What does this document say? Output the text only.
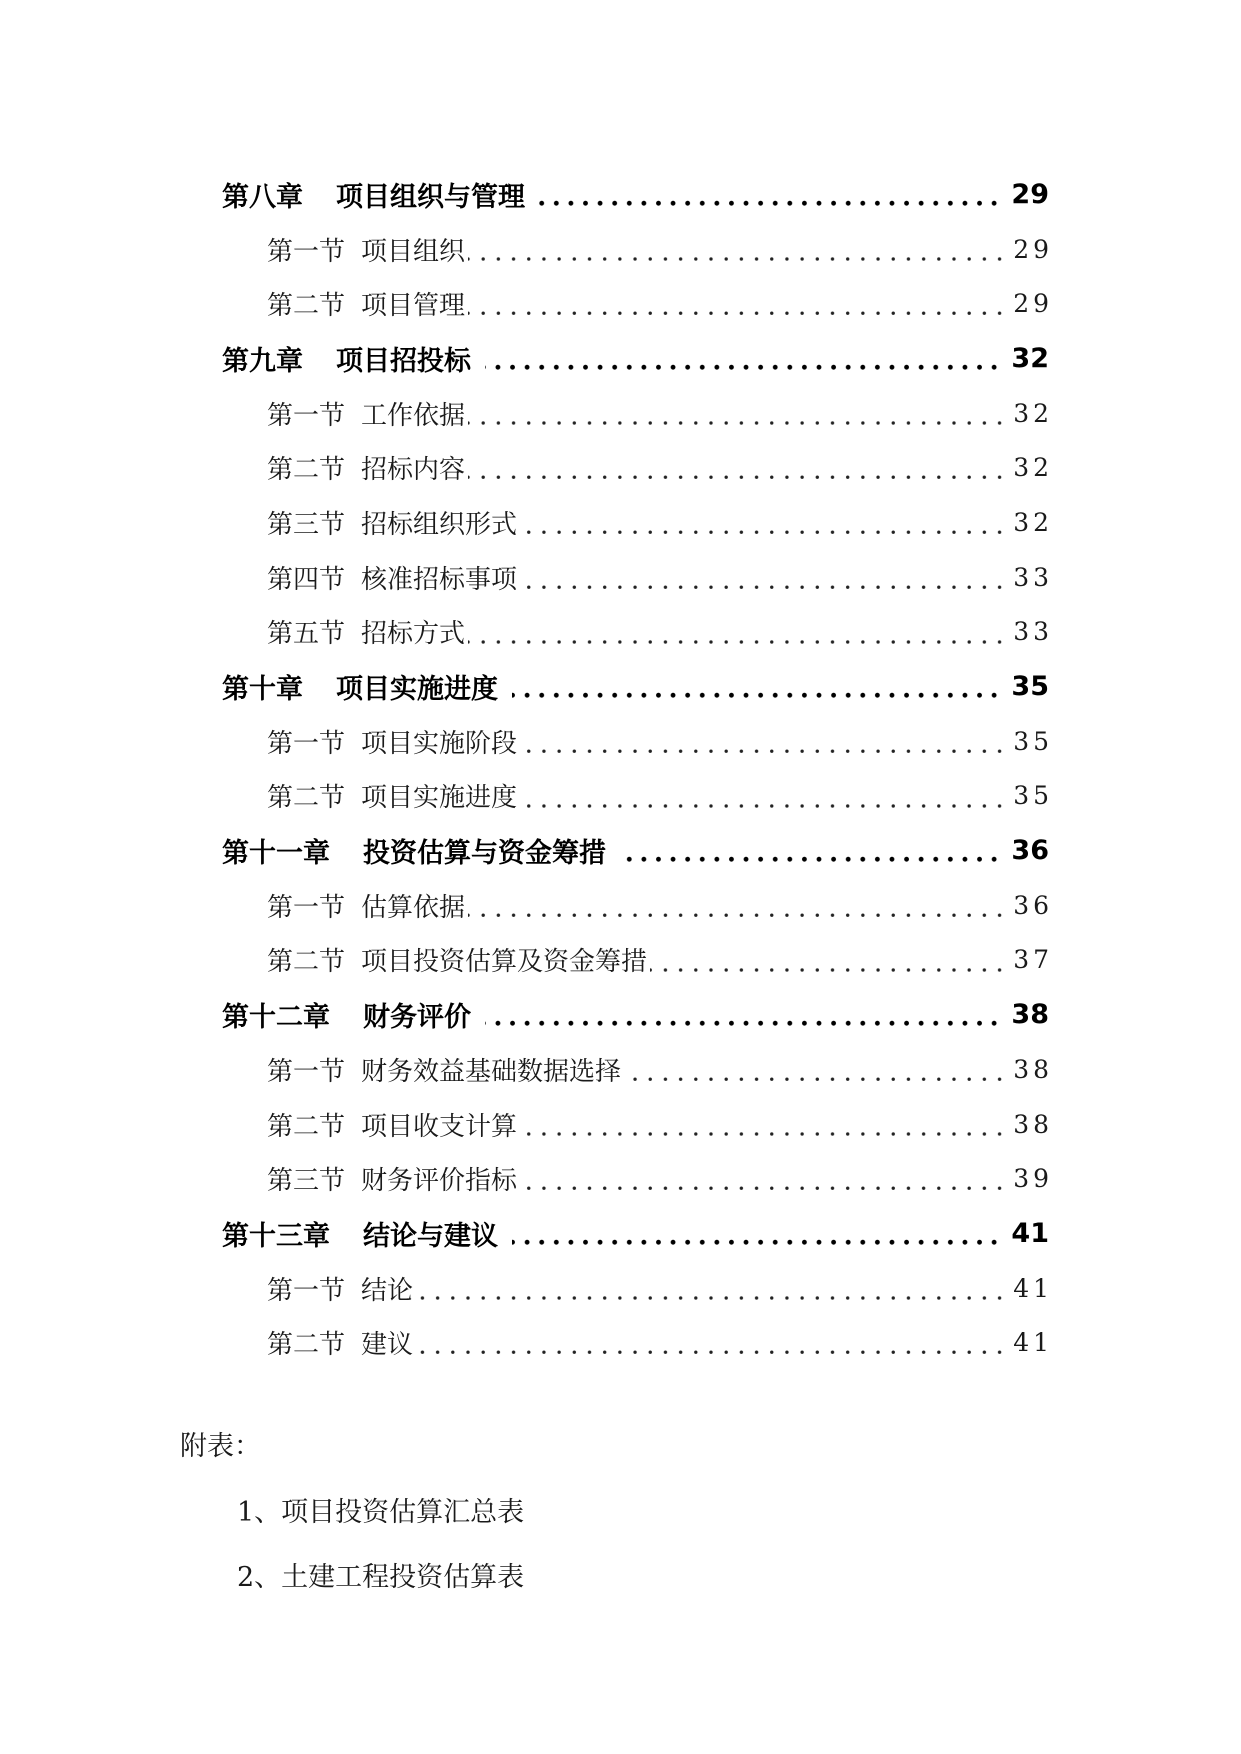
第八章 项目组织与管理	29
第一节 项目组织	29
第二节 项目管理	29
第九章 项目招投标	32
第一节 工作依据	32
第二节 招标内容	32
第三节 招标组织形式	32
第四节 核准招标事项	33
第五节 招标方式	33
第十章 项目实施进度	35
第一节 项目实施阶段	35
第二节 项目实施进度	35
第十一章 投资估算与资金筹措	36
第一节 估算依据	36
第二节 项目投资估算及资金筹措	37
第十二章 财务评价	38
第一节 财务效益基础数据选择	38
第二节 项目收支计算	38
第三节 财务评价指标	39
第十三章 结论与建议	41
第一节 结论	41
第二节 建议	41
附表：
1、项目投资估算汇总表
2、土建工程投资估算表
